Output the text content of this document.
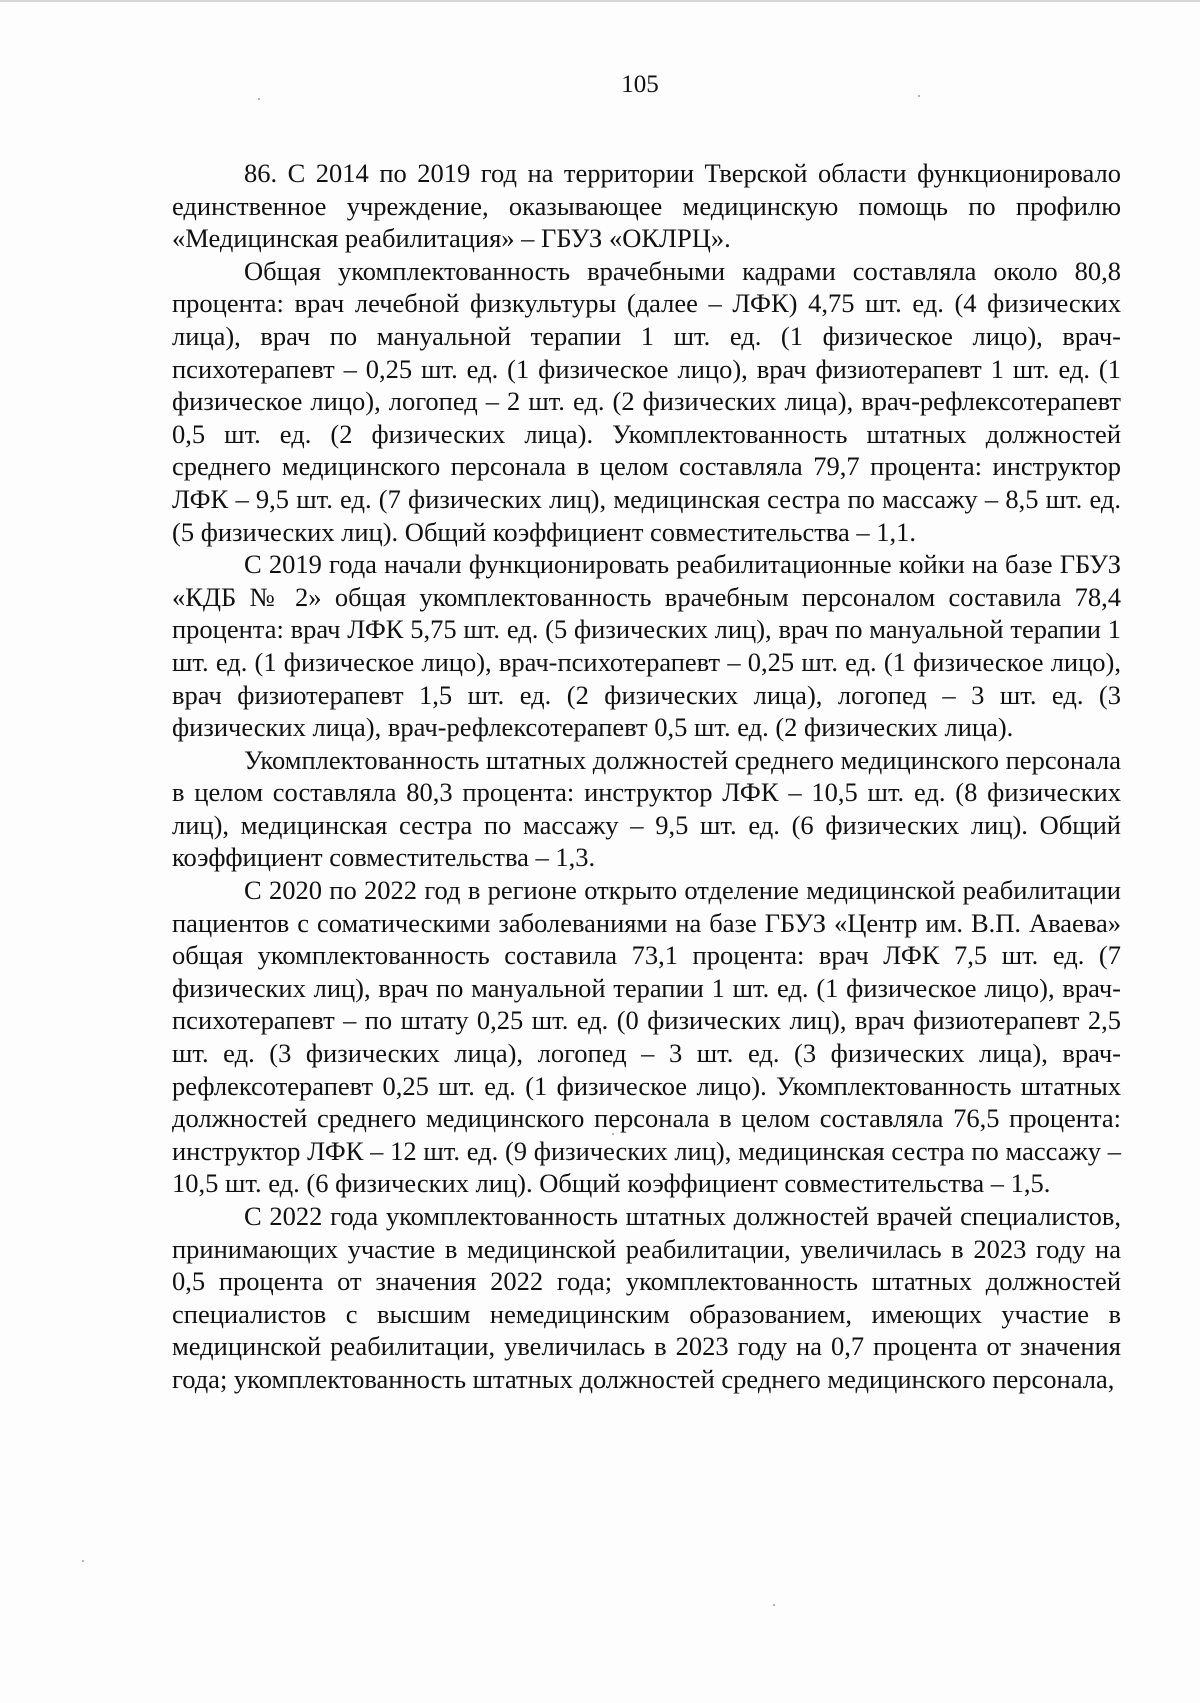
105

86. С 2014 по 2019 год на территории Тверской области функционировало единственное учреждение, оказывающее медицинскую помощь по профилю «Медицинская реабилитация» – ГБУЗ «ОКЛРЦ».

Общая укомплектованность врачебными кадрами составляла около 80,8 процента: врач лечебной физкультуры (далее – ЛФК) 4,75 шт. ед. (4 физических лица), врач по мануальной терапии 1 шт. ед. (1 физическое лицо), врач-психотерапевт – 0,25 шт. ед. (1 физическое лицо), врач физиотерапевт 1 шт. ед. (1 физическое лицо), логопед – 2 шт. ед. (2 физических лица), врач-рефлексотерапевт 0,5 шт. ед. (2 физических лица). Укомплектованность штатных должностей среднего медицинского персонала в целом составляла 79,7 процента: инструктор ЛФК – 9,5 шт. ед. (7 физических лиц), медицинская сестра по массажу – 8,5 шт. ед. (5 физических лиц). Общий коэффициент совместительства – 1,1.

С 2019 года начали функционировать реабилитационные койки на базе ГБУЗ «КДБ № 2» общая укомплектованность врачебным персоналом составила 78,4 процента: врач ЛФК 5,75 шт. ед. (5 физических лиц), врач по мануальной терапии 1 шт. ед. (1 физическое лицо), врач-психотерапевт – 0,25 шт. ед. (1 физическое лицо), врач физиотерапевт 1,5 шт. ед. (2 физических лица), логопед – 3 шт. ед. (3 физических лица), врач-рефлексотерапевт 0,5 шт. ед. (2 физических лица).

Укомплектованность штатных должностей среднего медицинского персонала в целом составляла 80,3 процента: инструктор ЛФК – 10,5 шт. ед. (8 физических лиц), медицинская сестра по массажу – 9,5 шт. ед. (6 физических лиц). Общий коэффициент совместительства – 1,3.

С 2020 по 2022 год в регионе открыто отделение медицинской реабилитации пациентов с соматическими заболеваниями на базе ГБУЗ «Центр им. В.П. Аваева» общая укомплектованность составила 73,1 процента: врач ЛФК 7,5 шт. ед. (7 физических лиц), врач по мануальной терапии 1 шт. ед. (1 физическое лицо), врач-психотерапевт – по штату 0,25 шт. ед. (0 физических лиц), врач физиотерапевт 2,5 шт. ед. (3 физических лица), логопед – 3 шт. ед. (3 физических лица), врач-рефлексотерапевт 0,25 шт. ед. (1 физическое лицо). Укомплектованность штатных должностей среднего медицинского персонала в целом составляла 76,5 процента: инструктор ЛФК – 12 шт. ед. (9 физических лиц), медицинская сестра по массажу – 10,5 шт. ед. (6 физических лиц). Общий коэффициент совместительства – 1,5.

С 2022 года укомплектованность штатных должностей врачей специалистов, принимающих участие в медицинской реабилитации, увеличилась в 2023 году на 0,5 процента от значения 2022 года; укомплектованность штатных должностей специалистов с высшим немедицинским образованием, имеющих участие в медицинской реабилитации, увеличилась в 2023 году на 0,7 процента от значения года; укомплектованность штатных должностей среднего медицинского персонала,
